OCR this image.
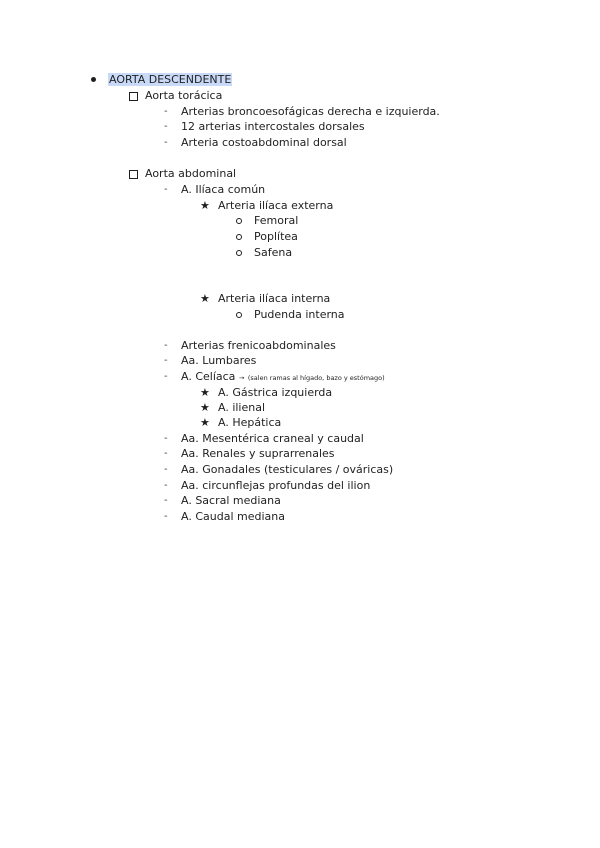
AORTA DESCENDENTE
Aorta torácica
- Arterias broncoesofágicas derecha e izquierda.
- 12 arterias intercostales dorsales
- Arteria costoabdominal dorsal
Aorta abdominal
- A. Ilíaca común
★ Arteria ilíaca externa
Femoral
Poplítea
Safena
★ Arteria ilíaca interna
Pudenda interna
- Arterias frenicoabdominales
- Aa. Lumbares
- A. Celíaca → (salen ramas al hígado, bazo y estómago)
★ A. Gástrica izquierda
★ A. ilienal
★ A. Hepática
- Aa. Mesentérica craneal y caudal
- Aa. Renales y suprarrenales
- Aa. Gonadales (testiculares / ováricas)
- Aa. circunflejas profundas del ilion
- A. Sacral mediana
- A. Caudal mediana
